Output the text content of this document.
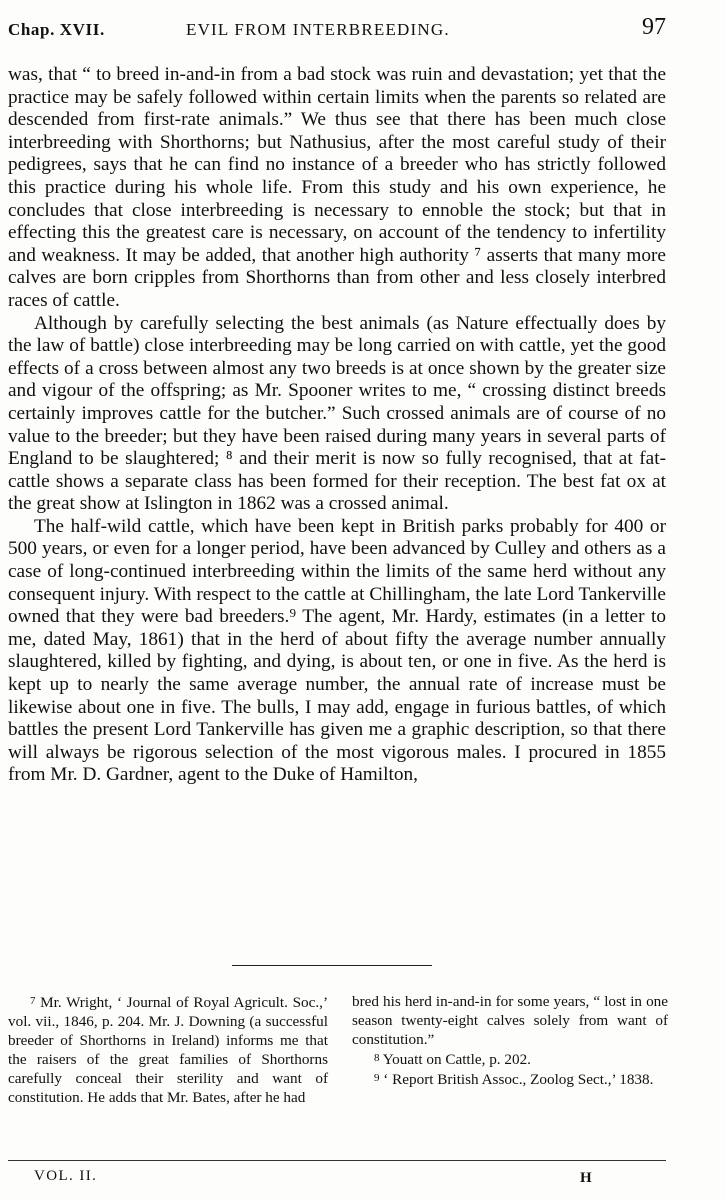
Chap. XVII.	EVIL FROM INTERBREEDING.	97

was, that “ to breed in-and-in from a bad stock was ruin and devastation; yet that the practice may be safely followed within certain limits when the parents so related are descended from first-rate animals.” We thus see that there has been much close interbreeding with Shorthorns; but Nathusius, after the most careful study of their pedigrees, says that he can find no instance of a breeder who has strictly followed this practice during his whole life. From this study and his own experience, he concludes that close interbreeding is necessary to ennoble the stock; but that in effecting this the greatest care is necessary, on account of the tendency to infertility and weakness. It may be added, that another high authority ⁷ asserts that many more calves are born cripples from Shorthorns than from other and less closely interbred races of cattle.

Although by carefully selecting the best animals (as Nature effectually does by the law of battle) close interbreeding may be long carried on with cattle, yet the good effects of a cross between almost any two breeds is at once shown by the greater size and vigour of the offspring; as Mr. Spooner writes to me, “ crossing distinct breeds certainly improves cattle for the butcher.” Such crossed animals are of course of no value to the breeder; but they have been raised during many years in several parts of England to be slaughtered; ⁸ and their merit is now so fully recognised, that at fat-cattle shows a separate class has been formed for their reception. The best fat ox at the great show at Islington in 1862 was a crossed animal.

The half-wild cattle, which have been kept in British parks probably for 400 or 500 years, or even for a longer period, have been advanced by Culley and others as a case of long-continued interbreeding within the limits of the same herd without any consequent injury. With respect to the cattle at Chillingham, the late Lord Tankerville owned that they were bad breeders.⁹ The agent, Mr. Hardy, estimates (in a letter to me, dated May, 1861) that in the herd of about fifty the average number annually slaughtered, killed by fighting, and dying, is about ten, or one in five. As the herd is kept up to nearly the same average number, the annual rate of increase must be likewise about one in five. The bulls, I may add, engage in furious battles, of which battles the present Lord Tankerville has given me a graphic description, so that there will always be rigorous selection of the most vigorous males. I procured in 1855 from Mr. D. Gardner, agent to the Duke of Hamilton,

7 Mr. Wright, ‘ Journal of Royal Agricult. Soc.,’ vol. vii., 1846, p. 204. Mr. J. Downing (a successful breeder of Shorthorns in Ireland) informs me that the raisers of the great families of Shorthorns carefully conceal their sterility and want of constitution. He adds that Mr. Bates, after he had

bred his herd in-and-in for some years, “ lost in one season twenty-eight calves solely from want of constitution.”

8 Youatt on Cattle, p. 202.

9 ‘ Report British Assoc., Zoolog Sect.,’ 1838.

VOL. II.	H
